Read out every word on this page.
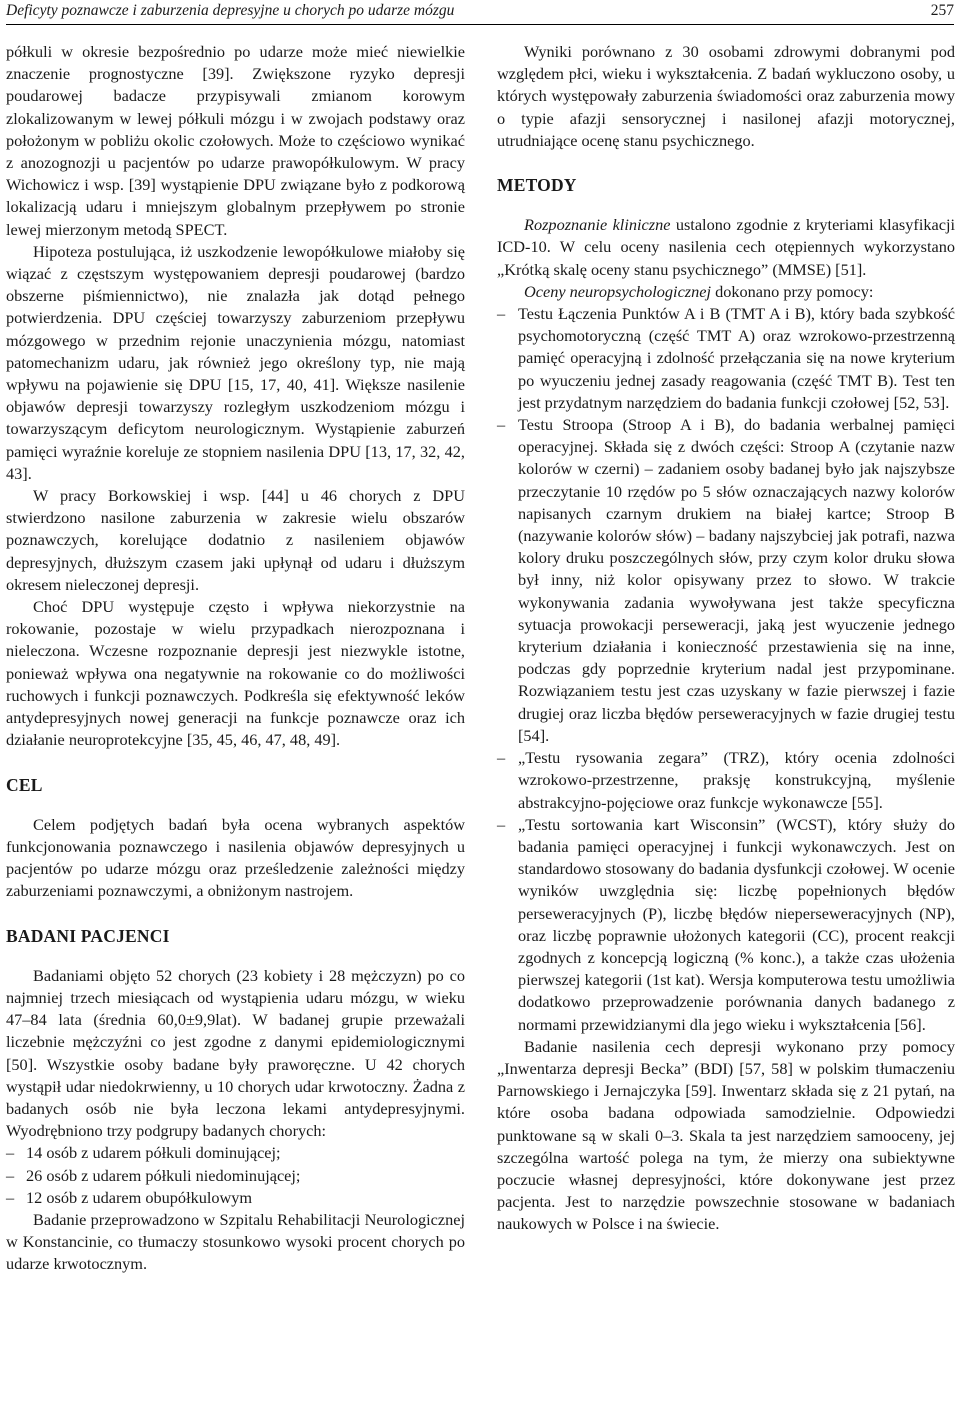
Deficyty poznawcze i zaburzenia depresyjne u chorych po udarze mózgu	257

półkuli w okresie bezpośrednio po udarze może mieć niewielkie znaczenie prognostyczne [39]. Zwiększone ryzyko depresji poudarowej badacze przypisywali zmianom korowym zlokalizowanym w lewej półkuli mózgu i w zwojach podstawy oraz położonym w pobliżu okolic czołowych. Może to częściowo wynikać z anozognozji u pacjentów po udarze prawopółkulowym. W pracy Wichowicz i wsp. [39] wystąpienie DPU związane było z podkorową lokalizacją udaru i mniejszym globalnym przepływem po stronie lewej mierzonym metodą SPECT.

Hipoteza postulująca, iż uszkodzenie lewopółkulowe miałoby się wiązać z częstszym występowaniem depresji poudarowej (bardzo obszerne piśmiennictwo), nie znalazła jak dotąd pełnego potwierdzenia. DPU częściej towarzyszy zaburzeniom przepływu mózgowego w przednim rejonie unaczynienia mózgu, natomiast patomechanizm udaru, jak również jego określony typ, nie mają wpływu na pojawienie się DPU [15, 17, 40, 41]. Większe nasilenie objawów depresji towarzyszy rozległym uszkodzeniom mózgu i towarzyszącym deficytom neurologicznym. Wystąpienie zaburzeń pamięci wyraźnie koreluje ze stopniem nasilenia DPU [13, 17, 32, 42, 43].

W pracy Borkowskiej i wsp. [44] u 46 chorych z DPU stwierdzono nasilone zaburzenia w zakresie wielu obszarów poznawczych, korelujące dodatnio z nasileniem objawów depresyjnych, dłuższym czasem jaki upłynął od udaru i dłuższym okresem nieleczonej depresji.

Choć DPU występuje często i wpływa niekorzystnie na rokowanie, pozostaje w wielu przypadkach nierozpoznana i nieleczona. Wczesne rozpoznanie depresji jest niezwykle istotne, ponieważ wpływa ona negatywnie na rokowanie co do możliwości ruchowych i funkcji poznawczych. Podkreśla się efektywność leków antydepresyjnych nowej generacji na funkcje poznawcze oraz ich działanie neuroprotekcyjne [35, 45, 46, 47, 48, 49].

CEL

Celem podjętych badań była ocena wybranych aspektów funkcjonowania poznawczego i nasilenia objawów depresyjnych u pacjentów po udarze mózgu oraz prześledzenie zależności między zaburzeniami poznawczymi, a obniżonym nastrojem.

BADANI PACJENCI

Badaniami objęto 52 chorych (23 kobiety i 28 mężczyzn) po co najmniej trzech miesiącach od wystąpienia udaru mózgu, w wieku 47–84 lata (średnia 60,0±9,9lat). W badanej grupie przeważali liczebnie mężczyźni co jest zgodne z danymi epidemiologicznymi [50]. Wszystkie osoby badane były praworęczne. U 42 chorych wystąpił udar niedokrwienny, u 10 chorych udar krwotoczny. Żadna z badanych osób nie była leczona lekami antydepresyjnymi. Wyodrębniono trzy podgrupy badanych chorych:

– 14 osób z udarem półkuli dominującej;
– 26 osób z udarem półkuli niedominującej;
– 12 osób z udarem obupółkulowym

Badanie przeprowadzono w Szpitalu Rehabilitacji Neurologicznej w Konstancinie, co tłumaczy stosunkowo wysoki procent chorych po udarze krwotocznym.

Wyniki porównano z 30 osobami zdrowymi dobranymi pod względem płci, wieku i wykształcenia. Z badań wykluczono osoby, u których występowały zaburzenia świadomości oraz zaburzenia mowy o typie afazji sensorycznej i nasilonej afazji motorycznej, utrudniające ocenę stanu psychicznego.

METODY

Rozpoznanie kliniczne ustalono zgodnie z kryteriami klasyfikacji ICD-10. W celu oceny nasilenia cech otępiennych wykorzystano „Krótką skalę oceny stanu psychicznego” (MMSE) [51].

Oceny neuropsychologicznej dokonano przy pomocy:

– Testu Łączenia Punktów A i B (TMT A i B), który bada szybkość psychomotoryczną (część TMT A) oraz wzrokowo-przestrzenną pamięć operacyjną i zdolność przełączania się na nowe kryterium po wyuczeniu jednej zasady reagowania (część TMT B). Test ten jest przydatnym narzędziem do badania funkcji czołowej [52, 53].
– Testu Stroopa (Stroop A i B), do badania werbalnej pamięci operacyjnej. Składa się z dwóch części: Stroop A (czytanie nazw kolorów w czerni) – zadaniem osoby badanej było jak najszybsze przeczytanie 10 rzędów po 5 słów oznaczających nazwy kolorów napisanych czarnym drukiem na białej kartce; Stroop B (nazywanie kolorów słów) – badany najszybciej jak potrafi, nazwa kolory druku poszczególnych słów, przy czym kolor druku słowa był inny, niż kolor opisywany przez to słowo. W trakcie wykonywania zadania wywoływana jest także specyficzna sytuacja prowokacji perseweracji, jaką jest wyuczenie jednego kryterium działania i konieczność przestawienia się na inne, podczas gdy poprzednie kryterium nadal jest przypominane. Rozwiązaniem testu jest czas uzyskany w fazie pierwszej i fazie drugiej oraz liczba błędów perseweracyjnych w fazie drugiej testu [54].
– „Testu rysowania zegara” (TRZ), który ocenia zdolności wzrokowo-przestrzenne, praksję konstrukcyjną, myślenie abstrakcyjno-pojęciowe oraz funkcje wykonawcze [55].
– „Testu sortowania kart Wisconsin” (WCST), który służy do badania pamięci operacyjnej i funkcji wykonawczych. Jest on standardowo stosowany do badania dysfunkcji czołowej. W ocenie wyników uwzględnia się: liczbę popełnionych błędów perseweracyjnych (P), liczbę błędów nieperseweracyjnych (NP), oraz liczbę poprawnie ułożonych kategorii (CC), procent reakcji zgodnych z koncepcją logiczną (% konc.), a także czas ułożenia pierwszej kategorii (1st kat). Wersja komputerowa testu umożliwia dodatkowo przeprowadzenie porównania danych badanego z normami przewidzianymi dla jego wieku i wykształcenia [56].

Badanie nasilenia cech depresji wykonano przy pomocy „Inwentarza depresji Becka” (BDI) [57, 58] w polskim tłumaczeniu Parnowskiego i Jernajczyka [59]. Inwentarz składa się z 21 pytań, na które osoba badana odpowiada samodzielnie. Odpowiedzi punktowane są w skali 0–3. Skala ta jest narzędziem samooceny, jej szczególna wartość polega na tym, że mierzy ona subiektywne poczucie własnej depresyjności, które dokonywane jest przez pacjenta. Jest to narzędzie powszechnie stosowane w badaniach naukowych w Polsce i na świecie.
